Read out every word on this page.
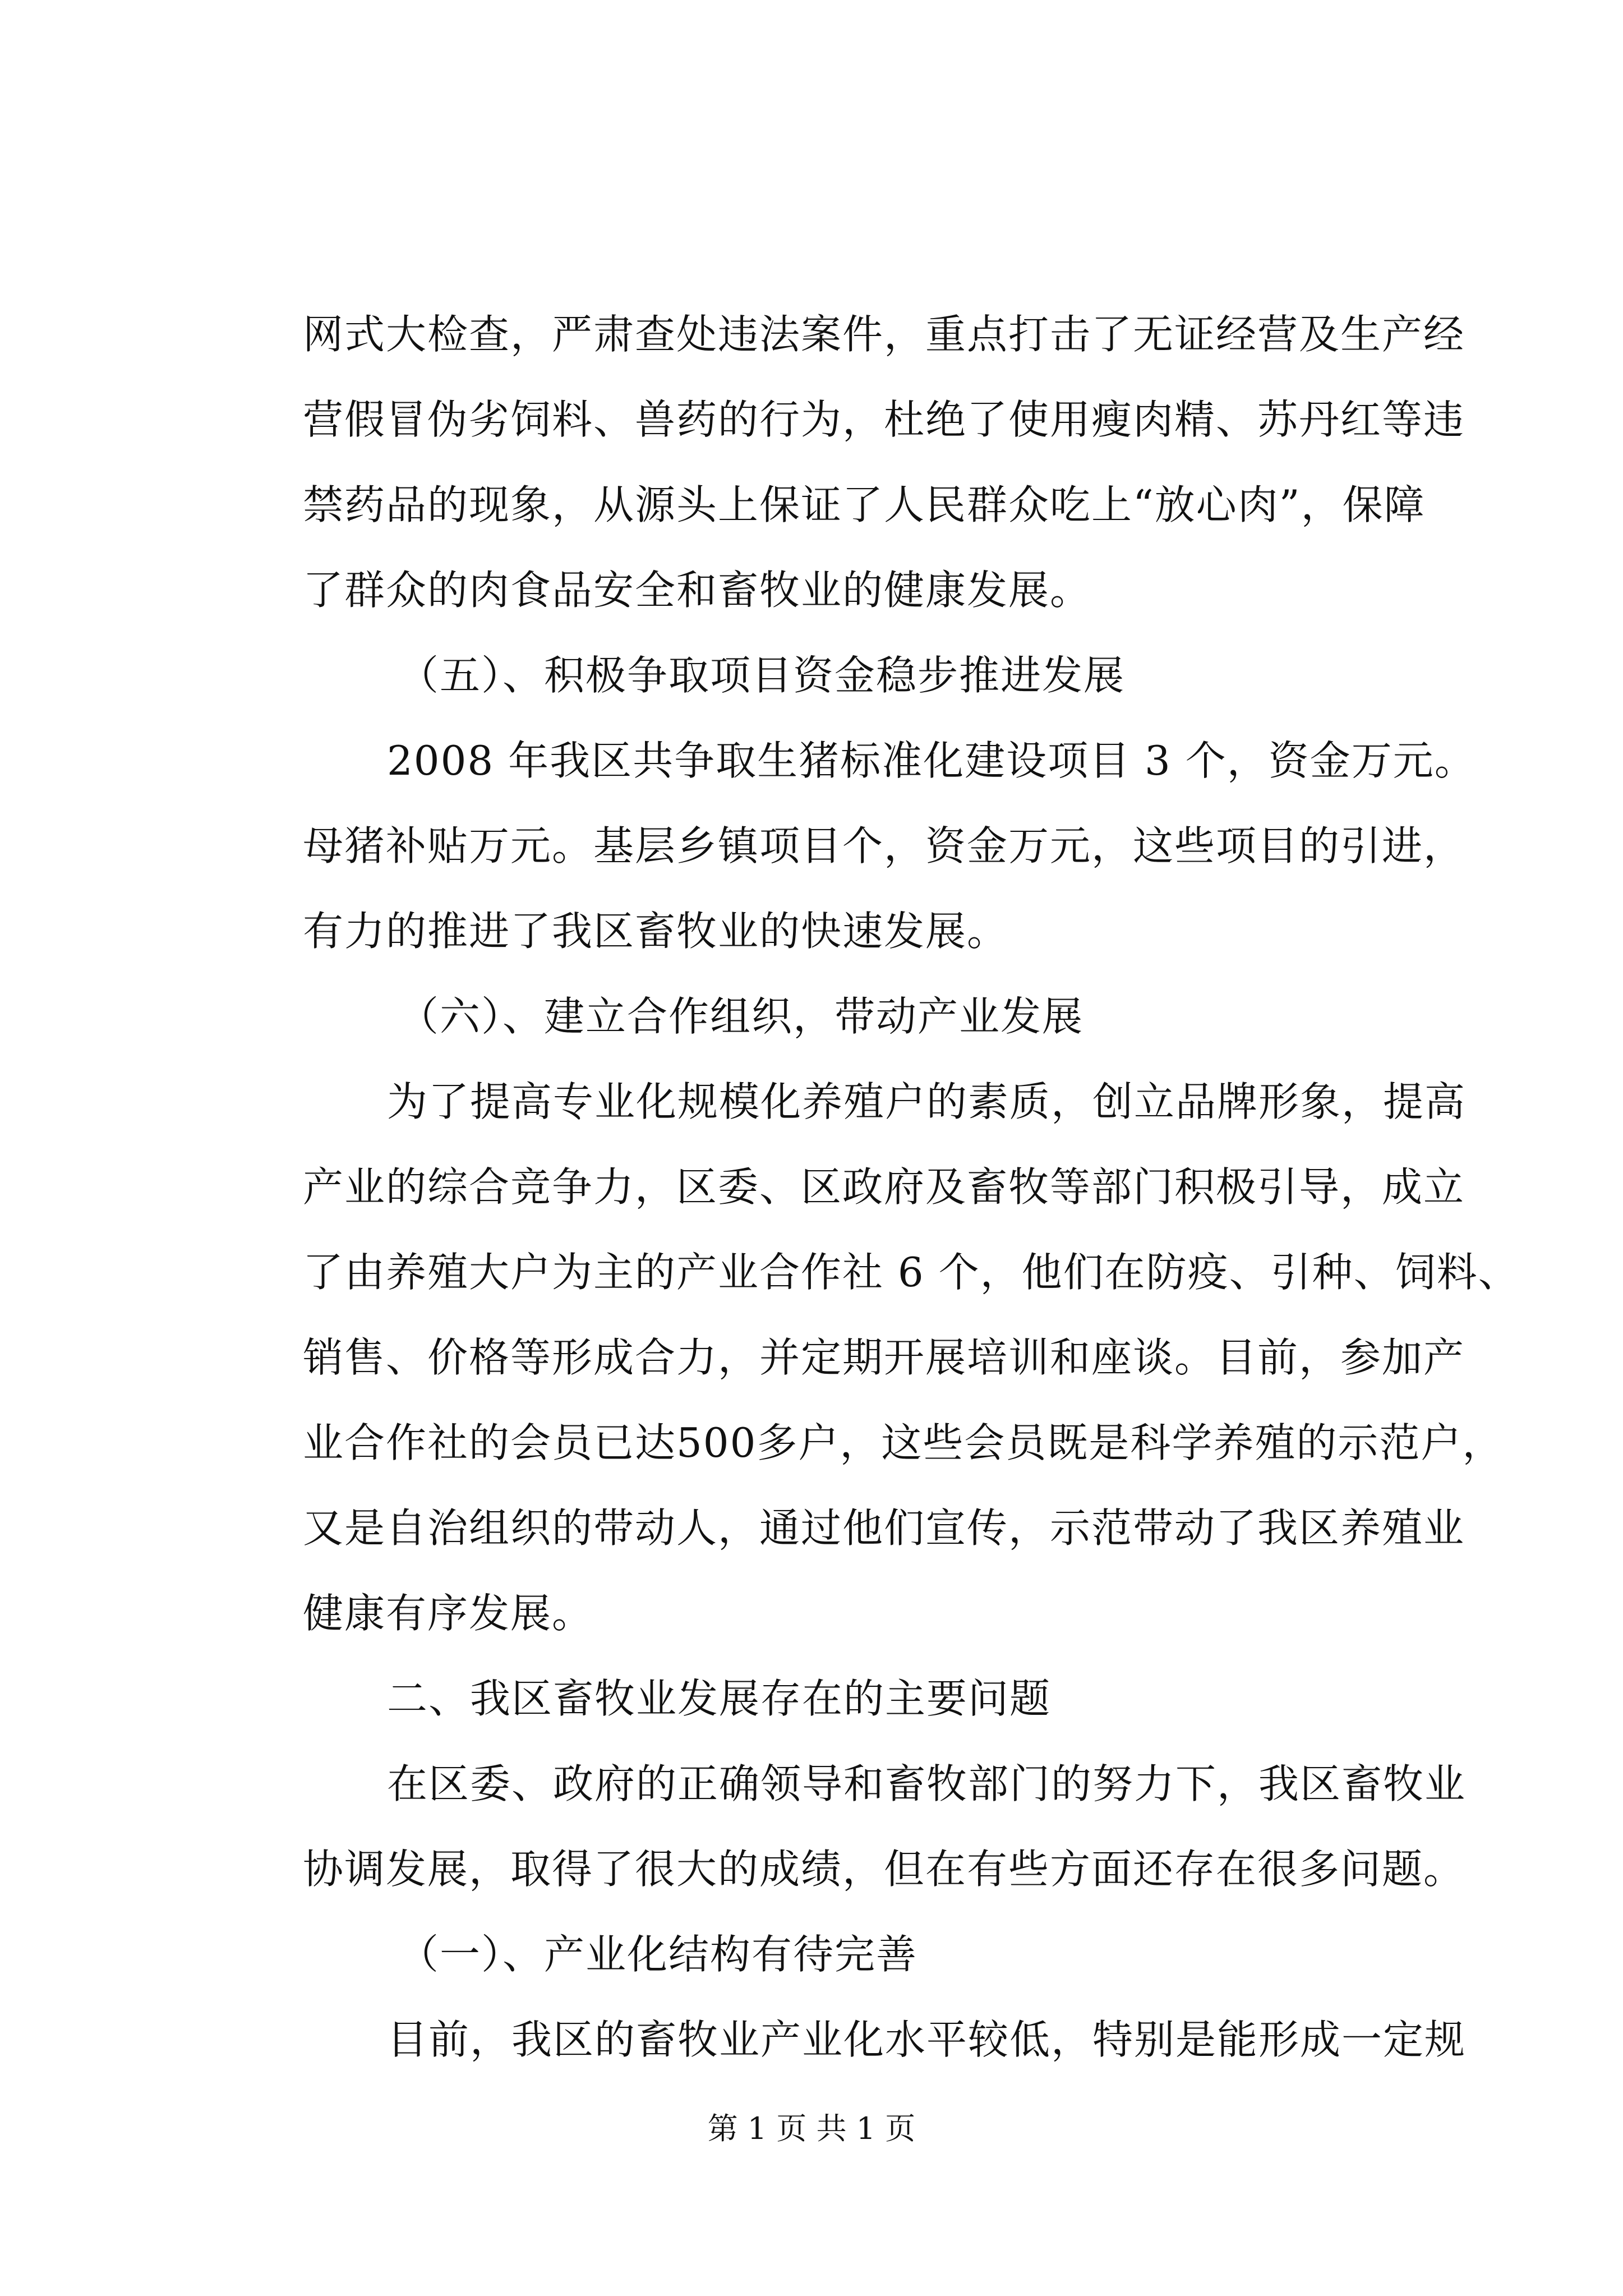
网式大检查，严肃查处违法案件，重点打击了无证经营及生产经
营假冒伪劣饲料、兽药的行为，杜绝了使用瘦肉精、苏丹红等违
禁药品的现象，从源头上保证了人民群众吃上“放心肉”，保障
了群众的肉食品安全和畜牧业的健康发展。
（五）、积极争取项目资金稳步推进发展
2008 年我区共争取生猪标准化建设项目 3 个，资金万元。
母猪补贴万元。基层乡镇项目个，资金万元，这些项目的引进，
有力的推进了我区畜牧业的快速发展。
（六）、建立合作组织，带动产业发展
为了提高专业化规模化养殖户的素质，创立品牌形象，提高
产业的综合竞争力，区委、区政府及畜牧等部门积极引导，成立
了由养殖大户为主的产业合作社 6 个，他们在防疫、引种、饲料、
销售、价格等形成合力，并定期开展培训和座谈。目前，参加产
业合作社的会员已达500多户，这些会员既是科学养殖的示范户，
又是自治组织的带动人，通过他们宣传，示范带动了我区养殖业
健康有序发展。
二、我区畜牧业发展存在的主要问题
在区委、政府的正确领导和畜牧部门的努力下，我区畜牧业
协调发展，取得了很大的成绩，但在有些方面还存在很多问题。
（一）、产业化结构有待完善
目前，我区的畜牧业产业化水平较低，特别是能形成一定规
第 1 页 共 1 页
